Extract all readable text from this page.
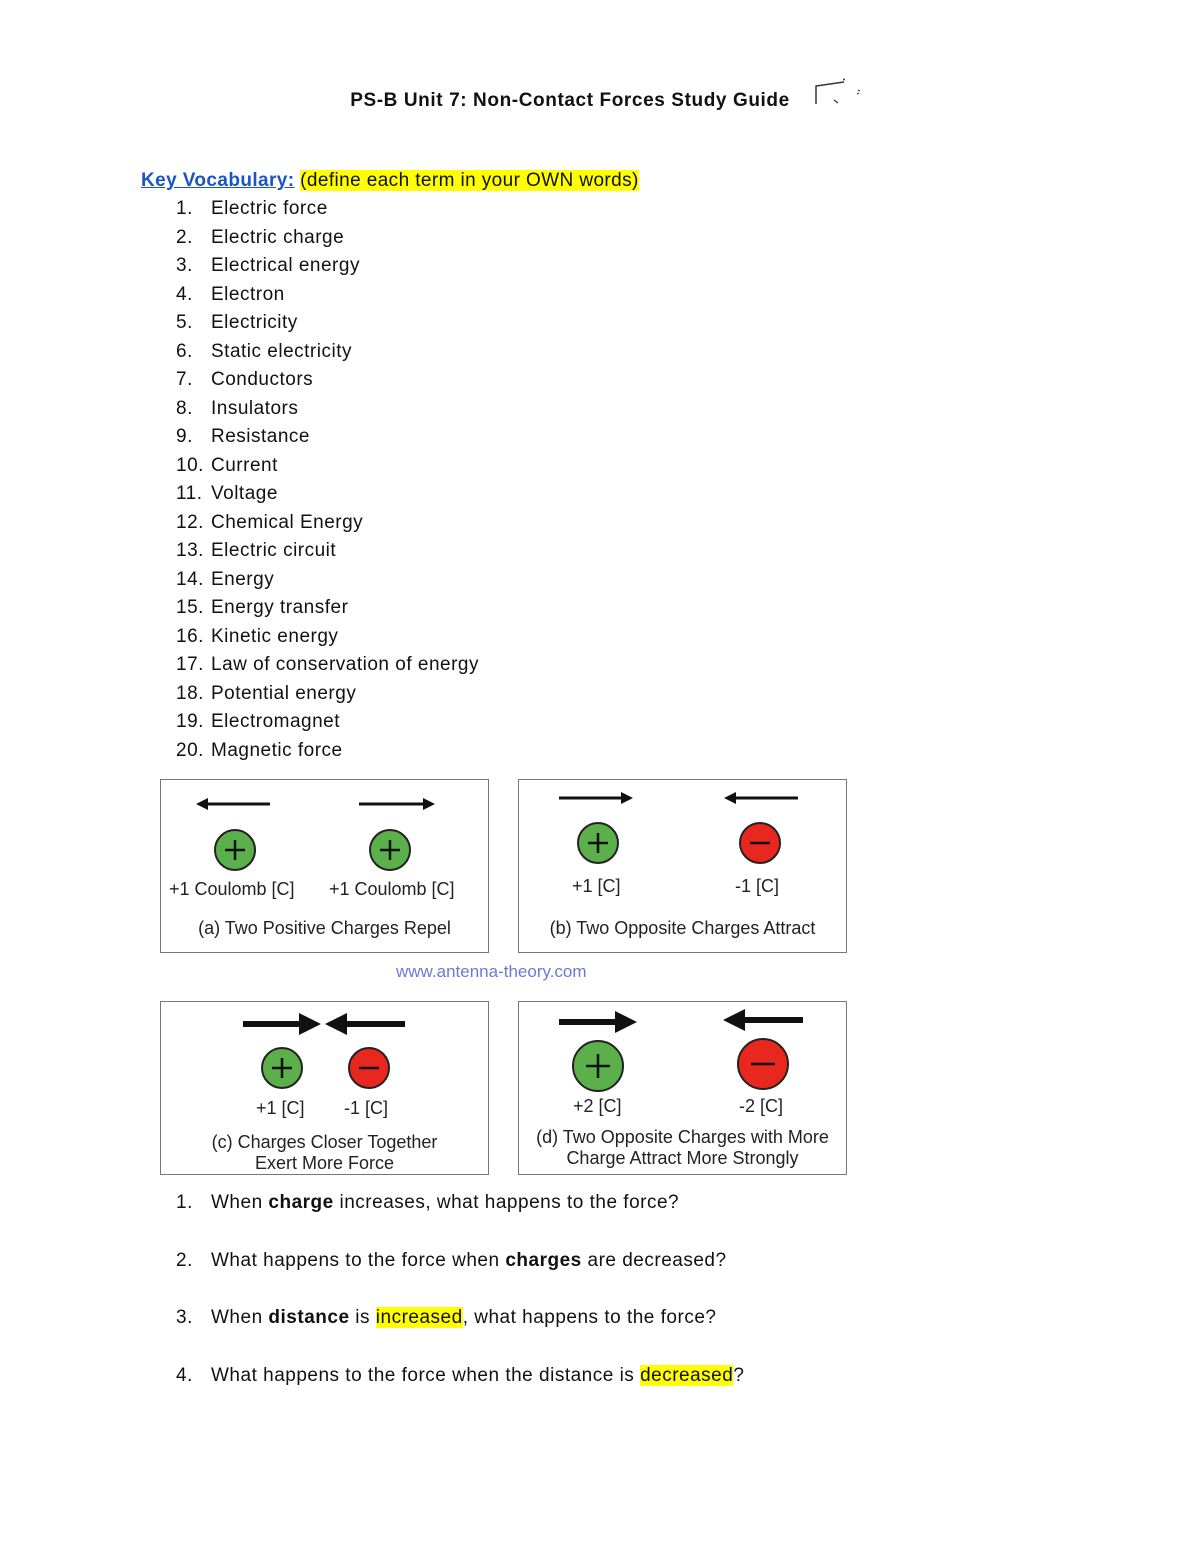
PS-B Unit 7: Non-Contact Forces Study Guide
Key Vocabulary: (define each term in your OWN words)
1. Electric force
2. Electric charge
3. Electrical energy
4. Electron
5. Electricity
6. Static electricity
7. Conductors
8. Insulators
9. Resistance
10. Current
11. Voltage
12. Chemical Energy
13. Electric circuit
14. Energy
15. Energy transfer
16. Kinetic energy
17. Law of conservation of energy
18. Potential energy
19. Electromagnet
20. Magnetic force
+1 Coulomb [C] +1 Coulomb [C]
(a) Two Positive Charges Repel
+1 [C]	-1 [C]
(b) Two Opposite Charges Attract
www.antenna-theory.com
+1 [C] -1 [C]
(c) Charges Closer Together
Exert More Force
+2 [C]	-2 [C]
(d) Two Opposite Charges with More
Charge Attract More Strongly
1. When charge increases, what happens to the force?
2. What happens to the force when charges are decreased?
3. When distance is increased, what happens to the force?
4. What happens to the force when the distance is decreased?
